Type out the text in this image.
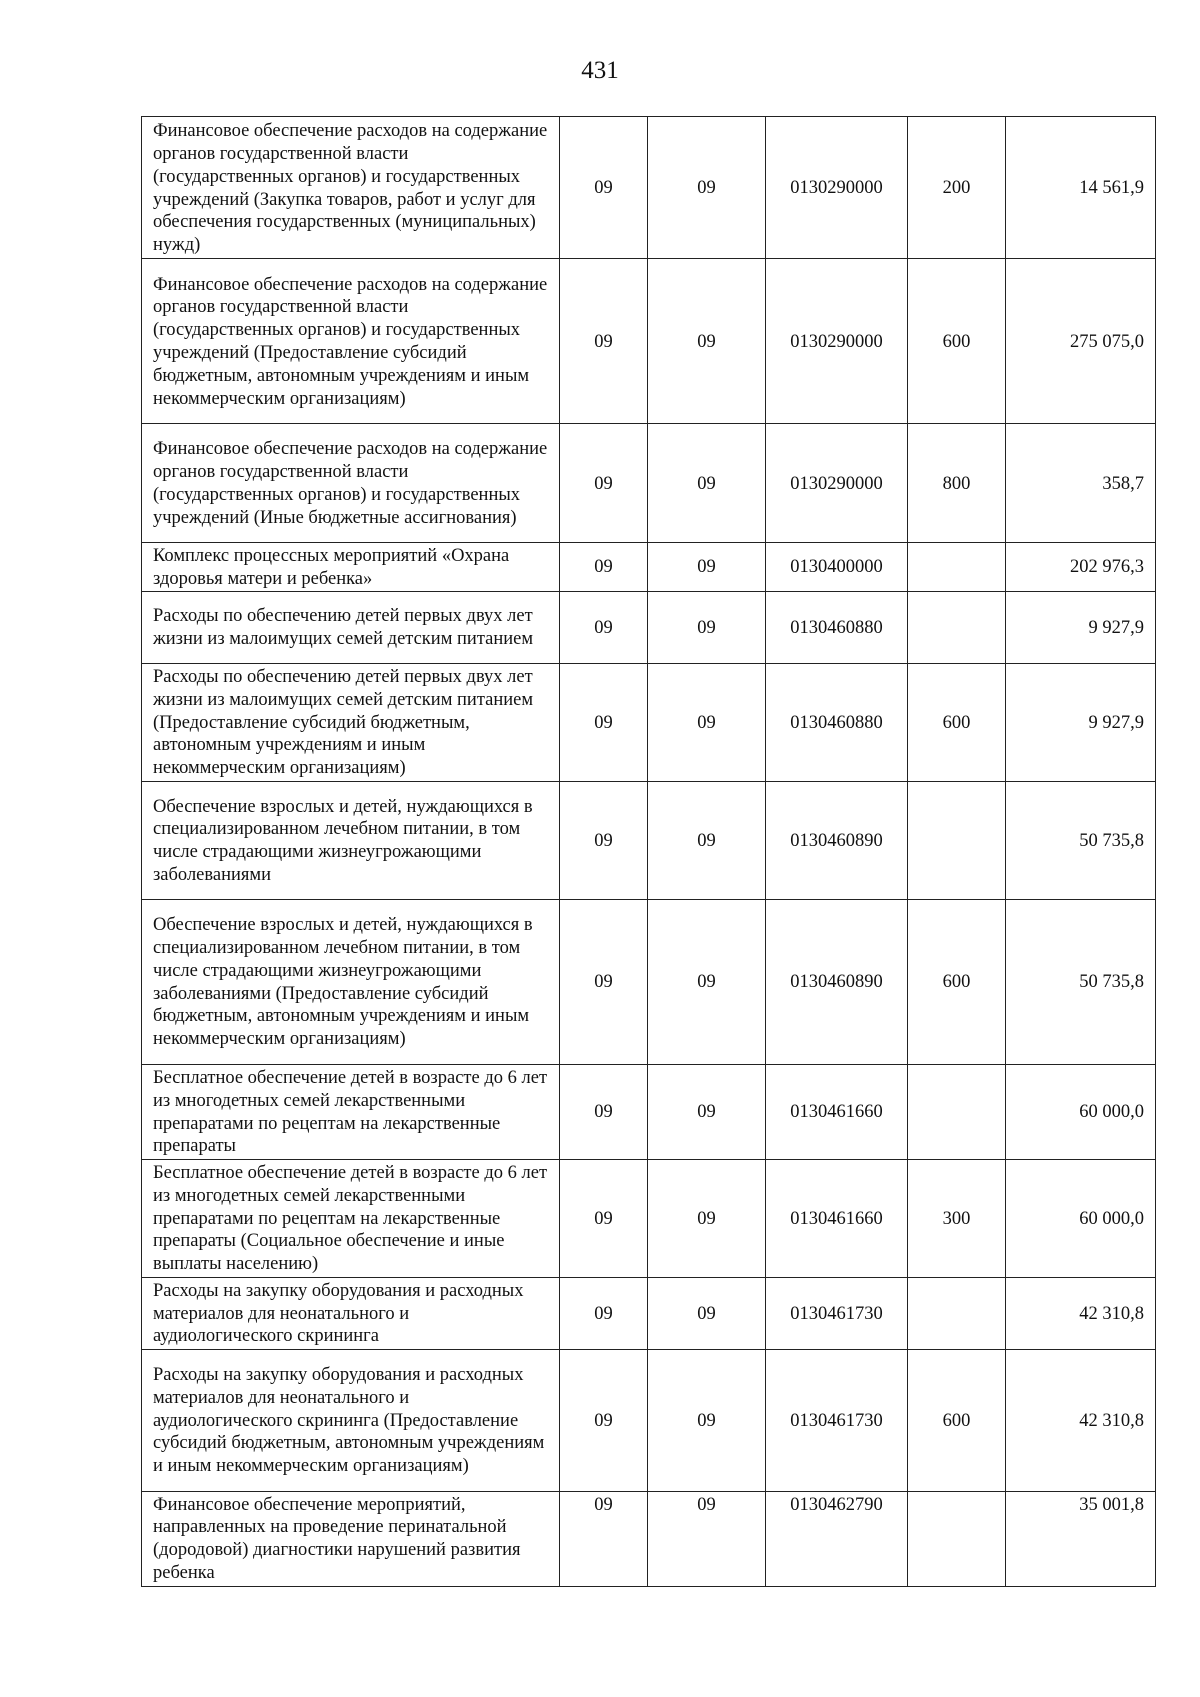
431
Финансовое обеспечение расходов на содержание органов государственной власти (государственных органов) и государственных учреждений (Закупка товаров, работ и услуг для обеспечения государственных (муниципальных) нужд)	09	09	0130290000	200	14 561,9
Финансовое обеспечение расходов на содержание органов государственной власти (государственных органов) и государственных учреждений (Предоставление субсидий бюджетным, автономным учреждениям и иным некоммерческим организациям)	09	09	0130290000	600	275 075,0
Финансовое обеспечение расходов на содержание органов государственной власти (государственных органов) и государственных учреждений (Иные бюджетные ассигнования)	09	09	0130290000	800	358,7
Комплекс процессных мероприятий «Охрана здоровья матери и ребенка»	09	09	0130400000		202 976,3
Расходы по обеспечению детей первых двух лет жизни из малоимущих семей детским питанием	09	09	0130460880		9 927,9
Расходы по обеспечению детей первых двух лет жизни из малоимущих семей детским питанием (Предоставление субсидий бюджетным, автономным учреждениям и иным некоммерческим организациям)	09	09	0130460880	600	9 927,9
Обеспечение взрослых и детей, нуждающихся в специализированном лечебном питании, в том числе страдающими жизнеугрожающими заболеваниями	09	09	0130460890		50 735,8
Обеспечение взрослых и детей, нуждающихся в специализированном лечебном питании, в том числе страдающими жизнеугрожающими заболеваниями (Предоставление субсидий бюджетным, автономным учреждениям и иным некоммерческим организациям)	09	09	0130460890	600	50 735,8
Бесплатное обеспечение детей в возрасте до 6 лет из многодетных семей лекарственными препаратами по рецептам на лекарственные препараты	09	09	0130461660		60 000,0
Бесплатное обеспечение детей в возрасте до 6 лет из многодетных семей лекарственными препаратами по рецептам на лекарственные препараты (Социальное обеспечение и иные выплаты населению)	09	09	0130461660	300	60 000,0
Расходы на закупку оборудования и расходных материалов для неонатального и аудиологического скрининга	09	09	0130461730		42 310,8
Расходы на закупку оборудования и расходных материалов для неонатального и аудиологического скрининга (Предоставление субсидий бюджетным, автономным учреждениям и иным некоммерческим организациям)	09	09	0130461730	600	42 310,8
Финансовое обеспечение мероприятий, направленных на проведение перинатальной (дородовой) диагностики нарушений развития ребенка	09	09	0130462790		35 001,8
